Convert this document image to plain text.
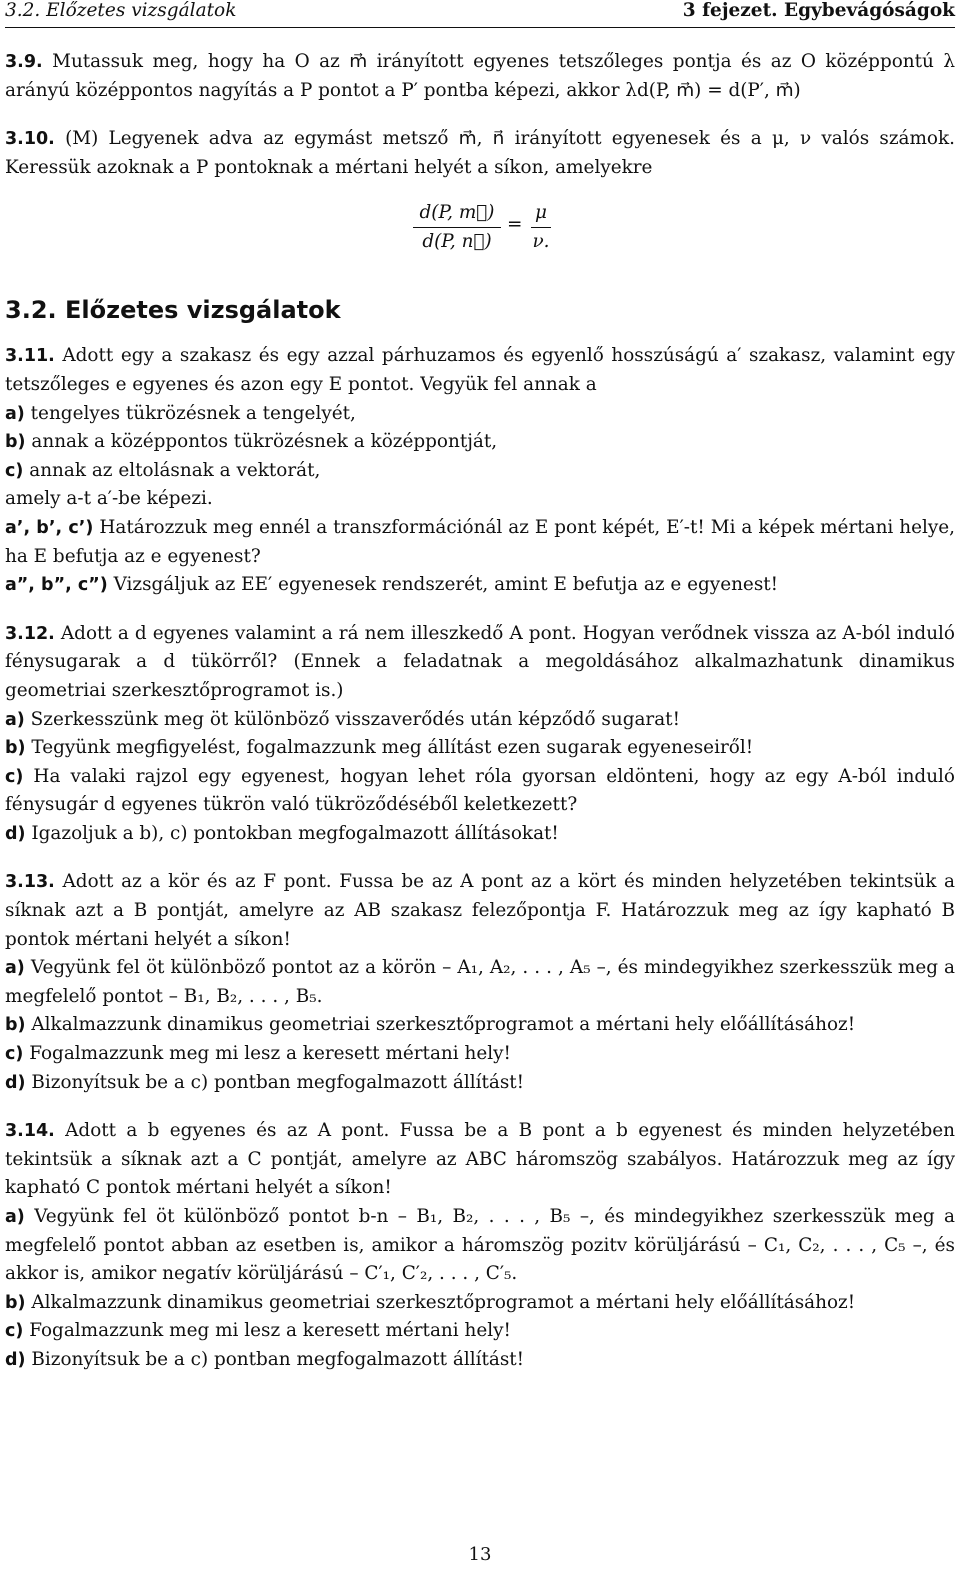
3.2. Előzetes vizsgálatok	3 fejezet. Egybevágóságok

3.9. Mutassuk meg, hogy ha O az m⃗ irányított egyenes tetszőleges pontja és az O középpontú λ arányú középpontos nagyítás a P pontot a P′ pontba képezi, akkor λd(P, m⃗) = d(P′, m⃗)

3.10. (M) Legyenek adva az egymást metsző m⃗, n⃗ irányított egyenesek és a μ, ν valós számok. Keressük azoknak a P pontoknak a mértani helyét a síkon, amelyekre

d(P, m⃗)
d(P, n⃗)
=
μ
ν.
3.2. Előzetes vizsgálatok

3.11. Adott egy a szakasz és egy azzal párhuzamos és egyenlő hosszúságú a′ szakasz, valamint egy tetszőleges e egyenes és azon egy E pontot. Vegyük fel annak a

a) tengelyes tükrözésnek a tengelyét,

b) annak a középpontos tükrözésnek a középpontját,

c) annak az eltolásnak a vektorát,

amely a-t a′-be képezi.

a’, b’, c’) Határozzuk meg ennél a transzformációnál az E pont képét, E′-t! Mi a képek mértani helye, ha E befutja az e egyenest?

a”, b”, c”) Vizsgáljuk az EE′ egyenesek rendszerét, amint E befutja az e egyenest!

3.12. Adott a d egyenes valamint a rá nem illeszkedő A pont. Hogyan verődnek vissza az A-ból induló fénysugarak a d tükörről? (Ennek a feladatnak a megoldásához alkalmazhatunk dinamikus geometriai szerkesztőprogramot is.)

a) Szerkesszünk meg öt különböző visszaverődés után képződő sugarat!

b) Tegyünk megfigyelést, fogalmazzunk meg állítást ezen sugarak egyeneseiről!

c) Ha valaki rajzol egy egyenest, hogyan lehet róla gyorsan eldönteni, hogy az egy A-ból induló fénysugár d egyenes tükrön való tükröződéséből keletkezett?

d) Igazoljuk a b), c) pontokban megfogalmazott állításokat!

3.13. Adott az a kör és az F pont. Fussa be az A pont az a kört és minden helyzetében tekintsük a síknak azt a B pontját, amelyre az AB szakasz felezőpontja F. Határozzuk meg az így kapható B pontok mértani helyét a síkon!

a) Vegyünk fel öt különböző pontot az a körön – A₁, A₂, . . . , A₅ –, és mindegyikhez szerkesszük meg a megfelelő pontot – B₁, B₂, . . . , B₅.

b) Alkalmazzunk dinamikus geometriai szerkesztőprogramot a mértani hely előállításához!

c) Fogalmazzunk meg mi lesz a keresett mértani hely!

d) Bizonyítsuk be a c) pontban megfogalmazott állítást!

3.14. Adott a b egyenes és az A pont. Fussa be a B pont a b egyenest és minden helyzetében tekintsük a síknak azt a C pontját, amelyre az ABC háromszög szabályos. Határozzuk meg az így kapható C pontok mértani helyét a síkon!

a) Vegyünk fel öt különböző pontot b-n – B₁, B₂, . . . , B₅ –, és mindegyikhez szerkesszük meg a megfelelő pontot abban az esetben is, amikor a háromszög pozitv körüljárású – C₁, C₂, . . . , C₅ –, és akkor is, amikor negatív körüljárású – C′₁, C′₂, . . . , C′₅.

b) Alkalmazzunk dinamikus geometriai szerkesztőprogramot a mértani hely előállításához!

c) Fogalmazzunk meg mi lesz a keresett mértani hely!

d) Bizonyítsuk be a c) pontban megfogalmazott állítást!

13
